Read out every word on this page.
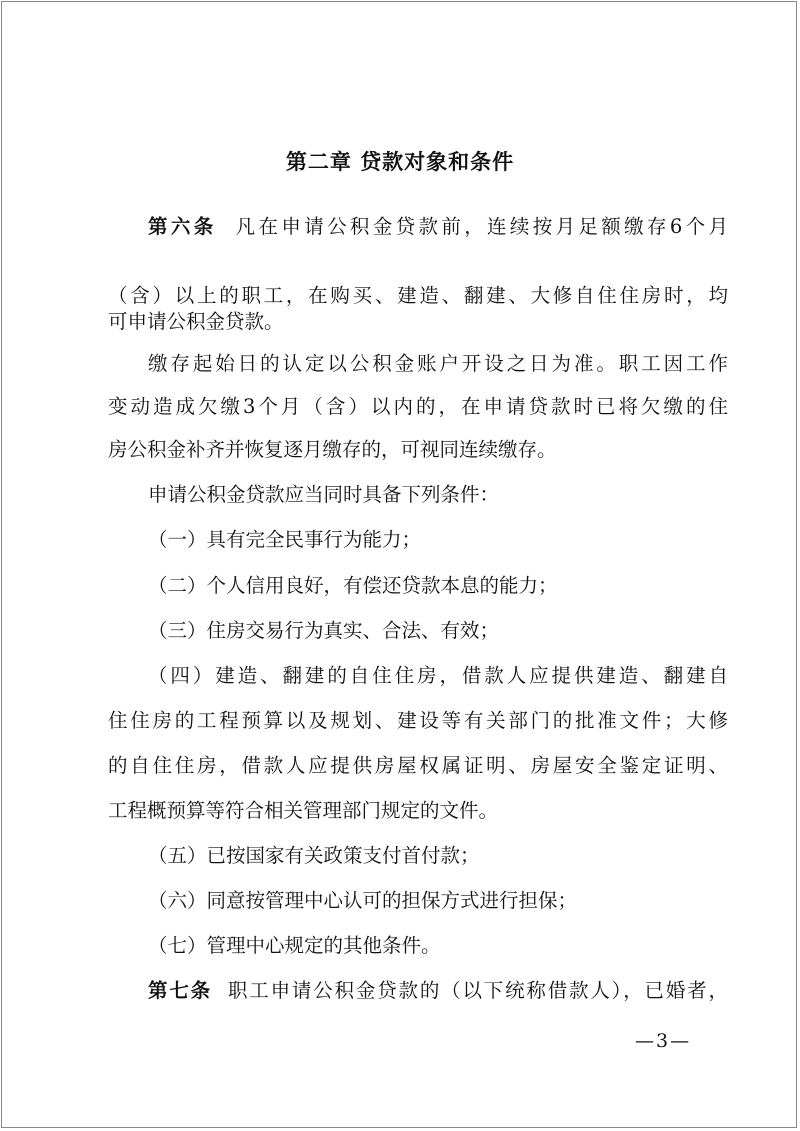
第二章 贷款对象和条件
第六条 凡在申请公积金贷款前，连续按月足额缴存6个月
（含）以上的职工，在购买、建造、翻建、大修自住住房时，均
可申请公积金贷款。
缴存起始日的认定以公积金账户开设之日为准。职工因工作
变动造成欠缴3个月（含）以内的，在申请贷款时已将欠缴的住
房公积金补齐并恢复逐月缴存的，可视同连续缴存。
申请公积金贷款应当同时具备下列条件：
（一）具有完全民事行为能力；
（二）个人信用良好，有偿还贷款本息的能力；
（三）住房交易行为真实、合法、有效；
（四）建造、翻建的自住住房，借款人应提供建造、翻建自
住住房的工程预算以及规划、建设等有关部门的批准文件；大修
的自住住房，借款人应提供房屋权属证明、房屋安全鉴定证明、
工程概预算等符合相关管理部门规定的文件。
（五）已按国家有关政策支付首付款；
（六）同意按管理中心认可的担保方式进行担保；
（七）管理中心规定的其他条件。
第七条 职工申请公积金贷款的（以下统称借款人），已婚者，
—3—
